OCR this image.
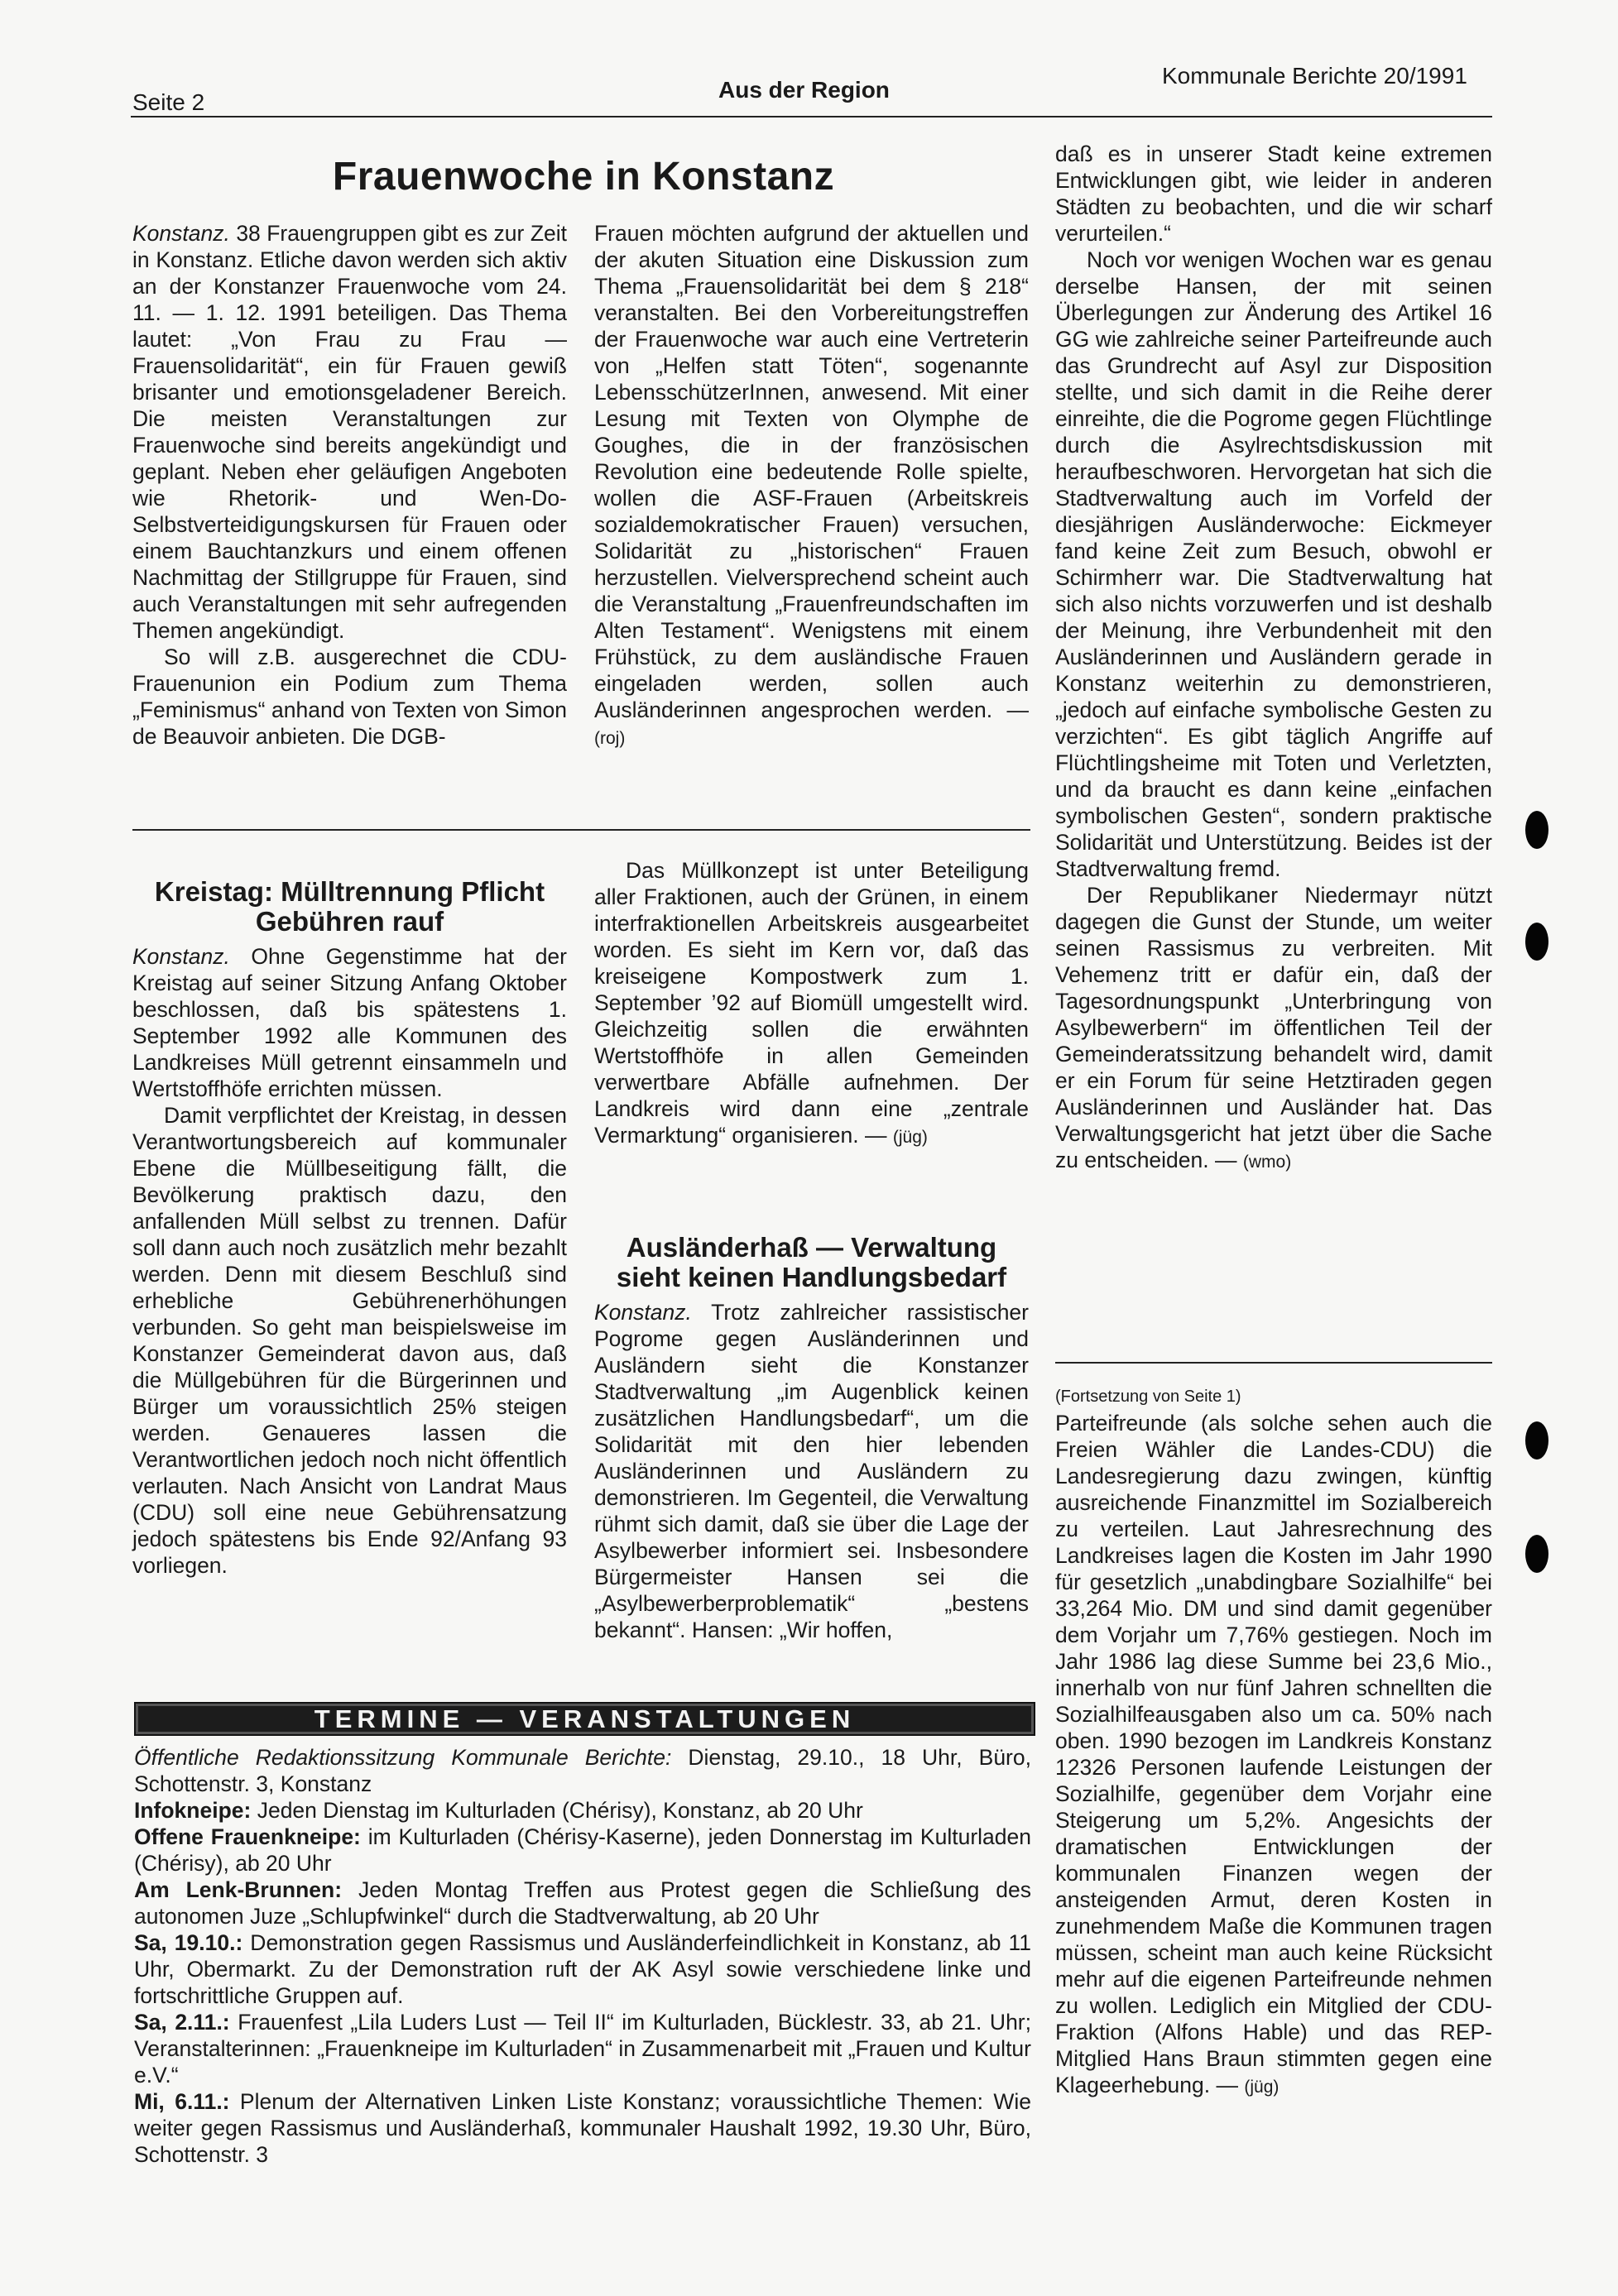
Seite 2	Aus der Region
Kommunale Berichte 20/1991
Frauenwoche in Konstanz

Konstanz. 38 Frauengruppen gibt es zur Zeit in Konstanz. Etliche davon werden sich aktiv an der Konstanzer Frauenwoche vom 24. 11. — 1. 12. 1991 beteiligen. Das Thema lautet: „Von Frau zu Frau — Frauensolidarität“, ein für Frauen gewiß brisanter und emotionsgeladener Bereich. Die meisten Veranstaltungen zur Frauenwoche sind bereits angekündigt und geplant. Neben eher geläufigen Angeboten wie Rhetorik- und Wen-Do-Selbstverteidigungskursen für Frauen oder einem Bauchtanzkurs und einem offenen Nachmittag der Stillgruppe für Frauen, sind auch Veranstaltungen mit sehr aufregenden Themen angekündigt.

So will z.B. ausgerechnet die CDU-Frauenunion ein Podium zum Thema „Feminismus“ anhand von Texten von Simon de Beauvoir anbieten. Die DGB-

Frauen möchten aufgrund der aktuellen und der akuten Situation eine Diskussion zum Thema „Frauensolidarität bei dem § 218“ veranstalten. Bei den Vorbereitungstreffen der Frauenwoche war auch eine Vertreterin von „Helfen statt Töten“, sogenannte LebensschützerInnen, anwesend. Mit einer Lesung mit Texten von Olymphe de Goughes, die in der französischen Revolution eine bedeutende Rolle spielte, wollen die ASF-Frauen (Arbeitskreis sozialdemokratischer Frauen) versuchen, Solidarität zu „historischen“ Frauen herzustellen. Vielversprechend scheint auch die Veranstaltung „Frauenfreundschaften im Alten Testament“. Wenigstens mit einem Frühstück, zu dem ausländische Frauen eingeladen werden, sollen auch Ausländerinnen angesprochen werden. — (roj)

Kreistag: Mülltrennung Pflicht
Gebühren rauf

Konstanz. Ohne Gegenstimme hat der Kreistag auf seiner Sitzung Anfang Oktober beschlossen, daß bis spätestens 1. September 1992 alle Kommunen des Landkreises Müll getrennt einsammeln und Wertstoffhöfe errichten müssen.

Damit verpflichtet der Kreistag, in dessen Verantwortungsbereich auf kommunaler Ebene die Müllbeseitigung fällt, die Bevölkerung praktisch dazu, den anfallenden Müll selbst zu trennen. Dafür soll dann auch noch zusätzlich mehr bezahlt werden. Denn mit diesem Beschluß sind erhebliche Gebührenerhöhungen verbunden. So geht man beispielsweise im Konstanzer Gemeinderat davon aus, daß die Müllgebühren für die Bürgerinnen und Bürger um voraussichtlich 25% steigen werden. Genaueres lassen die Verantwortlichen jedoch noch nicht öffentlich verlauten. Nach Ansicht von Landrat Maus (CDU) soll eine neue Gebührensatzung jedoch spätestens bis Ende 92/Anfang 93 vorliegen.

Das Müllkonzept ist unter Beteiligung aller Fraktionen, auch der Grünen, in einem interfraktionellen Arbeitskreis ausgearbeitet worden. Es sieht im Kern vor, daß das kreiseigene Kompostwerk zum 1. September ’92 auf Biomüll umgestellt wird. Gleichzeitig sollen die erwähnten Wertstoffhöfe in allen Gemeinden verwertbare Abfälle aufnehmen. Der Landkreis wird dann eine „zentrale Vermarktung“ organisieren. — (jüg)

Ausländerhaß — Verwaltung
sieht keinen Handlungsbedarf

Konstanz. Trotz zahlreicher rassistischer Pogrome gegen Ausländerinnen und Ausländern sieht die Konstanzer Stadtverwaltung „im Augenblick keinen zusätzlichen Handlungsbedarf“, um die Solidarität mit den hier lebenden Ausländerinnen und Ausländern zu demonstrieren. Im Gegenteil, die Verwaltung rühmt sich damit, daß sie über die Lage der Asylbewerber informiert sei. Insbesondere Bürgermeister Hansen sei die „Asylbewerberproblematik“ „bestens bekannt“. Hansen: „Wir hoffen,

daß es in unserer Stadt keine extremen Entwicklungen gibt, wie leider in anderen Städten zu beobachten, und die wir scharf verurteilen.“

Noch vor wenigen Wochen war es genau derselbe Hansen, der mit seinen Überlegungen zur Änderung des Artikel 16 GG wie zahlreiche seiner Parteifreunde auch das Grundrecht auf Asyl zur Disposition stellte, und sich damit in die Reihe derer einreihte, die die Pogrome gegen Flüchtlinge durch die Asylrechtsdiskussion mit heraufbeschworen. Hervorgetan hat sich die Stadtverwaltung auch im Vorfeld der diesjährigen Ausländerwoche: Eickmeyer fand keine Zeit zum Besuch, obwohl er Schirmherr war. Die Stadtverwaltung hat sich also nichts vorzuwerfen und ist deshalb der Meinung, ihre Verbundenheit mit den Ausländerinnen und Ausländern gerade in Konstanz weiterhin zu demonstrieren, „jedoch auf einfache symbolische Gesten zu verzichten“. Es gibt täglich Angriffe auf Flüchtlingsheime mit Toten und Verletzten, und da braucht es dann keine „einfachen symbolischen Gesten“, sondern praktische Solidarität und Unterstützung. Beides ist der Stadtverwaltung fremd.

Der Republikaner Niedermayr nützt dagegen die Gunst der Stunde, um weiter seinen Rassismus zu verbreiten. Mit Vehemenz tritt er dafür ein, daß der Tagesordnungspunkt „Unterbringung von Asylbewerbern“ im öffentlichen Teil der Gemeinderatssitzung behandelt wird, damit er ein Forum für seine Hetztiraden gegen Ausländerinnen und Ausländer hat. Das Verwaltungsgericht hat jetzt über die Sache zu entscheiden. — (wmo)

(Fortsetzung von Seite 1)

Parteifreunde (als solche sehen auch die Freien Wähler die Landes-CDU) die Landesregierung dazu zwingen, künftig ausreichende Finanzmittel im Sozialbereich zu verteilen. Laut Jahresrechnung des Landkreises lagen die Kosten im Jahr 1990 für gesetzlich „unabdingbare Sozialhilfe“ bei 33,264 Mio. DM und sind damit gegenüber dem Vorjahr um 7,76% gestiegen. Noch im Jahr 1986 lag diese Summe bei 23,6 Mio., innerhalb von nur fünf Jahren schnellten die Sozialhilfeausgaben also um ca. 50% nach oben. 1990 bezogen im Landkreis Konstanz 12326 Personen laufende Leistungen der Sozialhilfe, gegenüber dem Vorjahr eine Steigerung um 5,2%. Angesichts der dramatischen Entwicklungen der kommunalen Finanzen wegen der ansteigenden Armut, deren Kosten in zunehmendem Maße die Kommunen tragen müssen, scheint man auch keine Rücksicht mehr auf die eigenen Parteifreunde nehmen zu wollen. Lediglich ein Mitglied der CDU-Fraktion (Alfons Hable) und das REP-Mitglied Hans Braun stimmten gegen eine Klageerhebung. — (jüg)

TERMINE — VERANSTALTUNGEN

Öffentliche Redaktionssitzung Kommunale Berichte: Dienstag, 29.10., 18 Uhr, Büro, Schottenstr. 3, Konstanz

Infokneipe: Jeden Dienstag im Kulturladen (Chérisy), Konstanz, ab 20 Uhr

Offene Frauenkneipe: im Kulturladen (Chérisy-Kaserne), jeden Donnerstag im Kulturladen (Chérisy), ab 20 Uhr

Am Lenk-Brunnen: Jeden Montag Treffen aus Protest gegen die Schließung des autonomen Juze „Schlupfwinkel“ durch die Stadtverwaltung, ab 20 Uhr

Sa, 19.10.: Demonstration gegen Rassismus und Ausländerfeindlichkeit in Konstanz, ab 11 Uhr, Obermarkt. Zu der Demonstration ruft der AK Asyl sowie verschiedene linke und fortschrittliche Gruppen auf.

Sa, 2.11.: Frauenfest „Lila Luders Lust — Teil II“ im Kulturladen, Bücklestr. 33, ab 21. Uhr; Veranstalterinnen: „Frauenkneipe im Kulturladen“ in Zusammenarbeit mit „Frauen und Kultur e.V.“

Mi, 6.11.: Plenum der Alternativen Linken Liste Konstanz; voraussichtliche Themen: Wie weiter gegen Rassismus und Ausländerhaß, kommunaler Haushalt 1992, 19.30 Uhr, Büro, Schottenstr. 3
